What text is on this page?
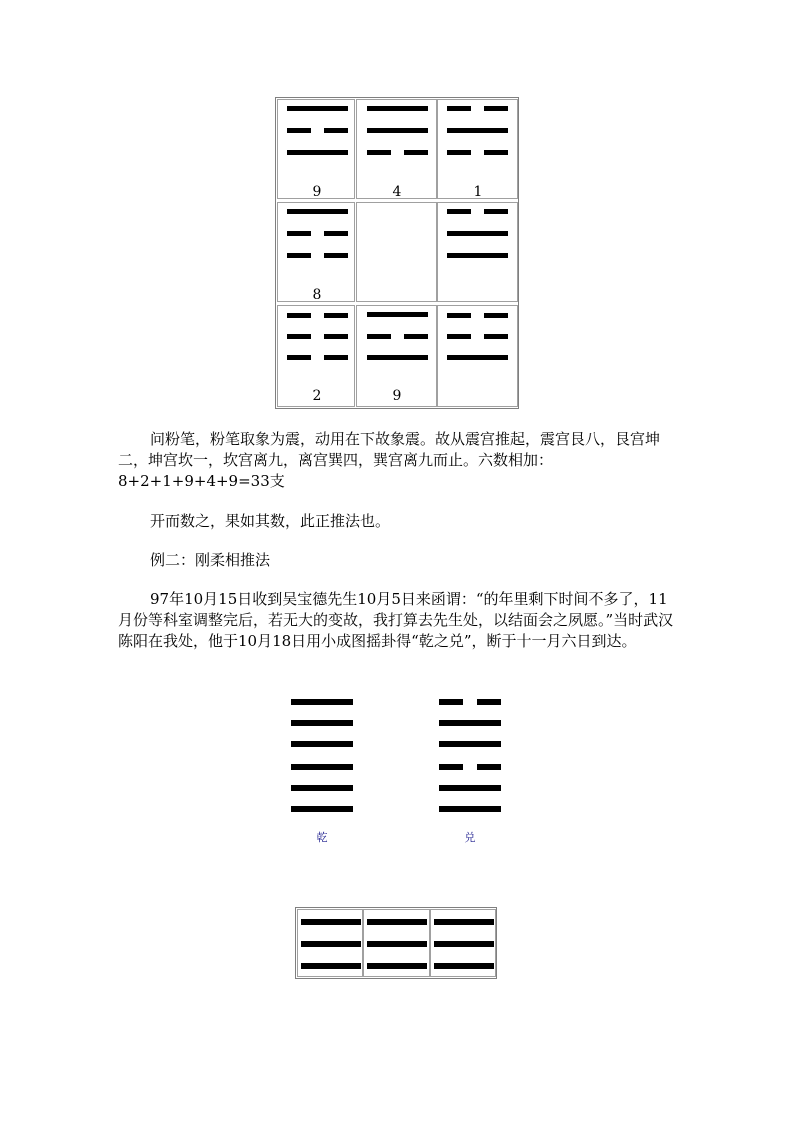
9	4	1
8
2	9

问粉笔，粉笔取象为震，动用在下故象震。故从震宫推起，震宫艮八，艮宫坤二，坤宫坎一，坎宫离九，离宫巽四，巽宫离九而止。六数相加：8+2+1+9+4+9=33支

开而数之，果如其数，此正推法也。

例二：刚柔相推法

97年10月15日收到吴宝德先生10月5日来函谓：“的年里剩下时间不多了，11月份等科室调整完后，若无大的变故，我打算去先生处，以结面会之夙愿。”当时武汉陈阳在我处，他于10月18日用小成图摇卦得“乾之兑”，断于十一月六日到达。

乾	兑
